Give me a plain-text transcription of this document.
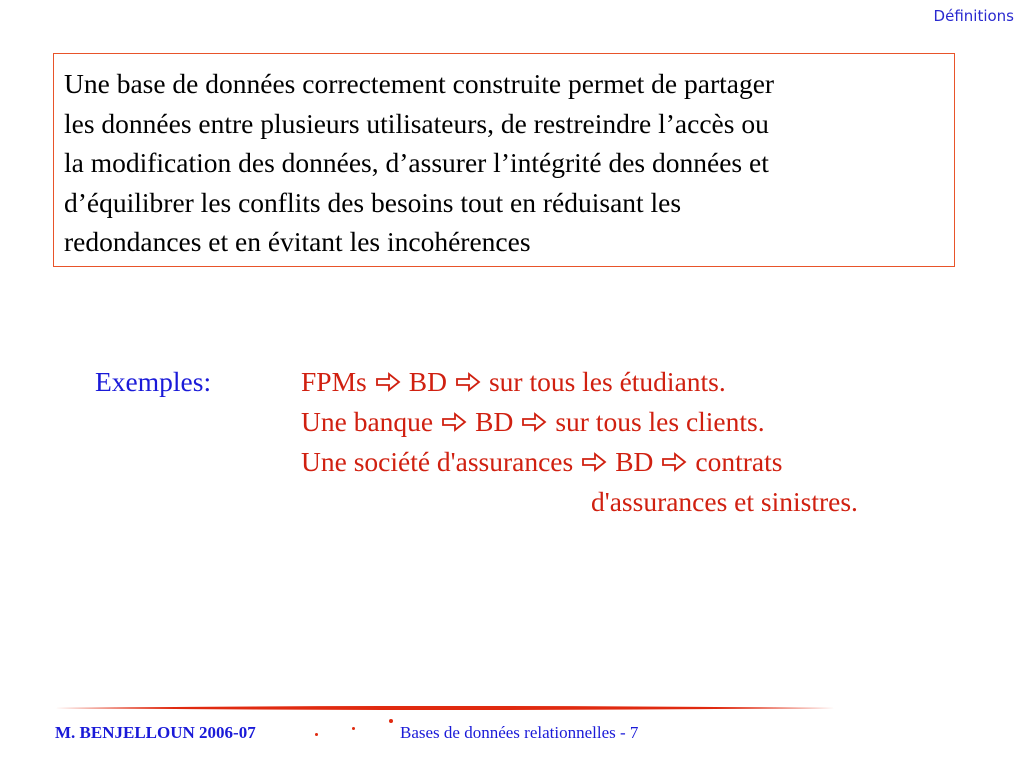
Définitions

Une base de données correctement construite permet de partager

les données entre plusieurs utilisateurs, de restreindre l’accès ou

la modification des données, d’assurer l’intégrité des données et

d’équilibrer les conflits des besoins tout en réduisant les

redondances et en évitant les incohérences

Exemples:	FPMs BD sur tous les étudiants.
Une banque BD sur tous les clients.
Une société d'assurances BD contrats
d'assurances et sinistres.
M. BENJELLOUN 2006-07	Bases de données relationnelles - 7
